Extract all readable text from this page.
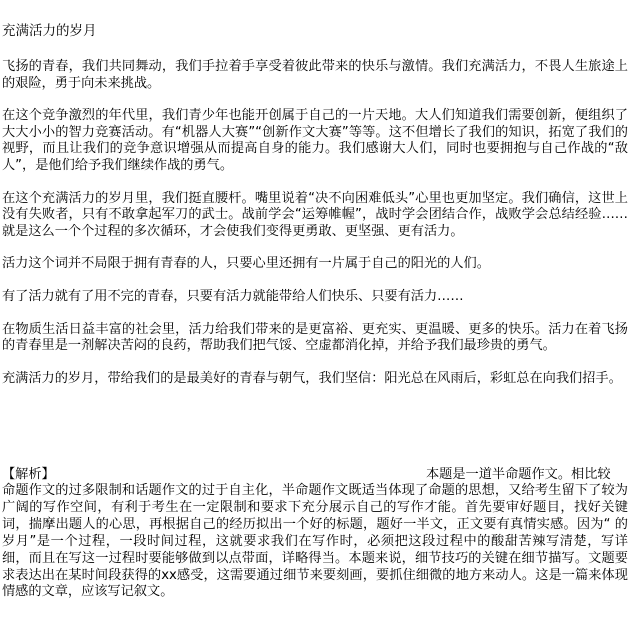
充满活力的岁月

飞扬的青春，我们共同舞动，我们手拉着手享受着彼此带来的快乐与激情。我们充满活力，不畏人生旅途上的艰险，勇于向未来挑战。

在这个竞争激烈的年代里，我们青少年也能开创属于自己的一片天地。大人们知道我们需要创新，便组织了大大小小的智力竞赛活动。有“机器人大赛”“创新作文大赛”等等。这不但增长了我们的知识，拓宽了我们的视野，而且让我们的竞争意识增强从而提高自身的能力。我们感谢大人们，同时也要拥抱与自己作战的“敌人”，是他们给予我们继续作战的勇气。

在这个充满活力的岁月里，我们挺直腰杆。嘴里说着“决不向困难低头”心里也更加坚定。我们确信，这世上没有失败者，只有不敢拿起军刀的武士。战前学会“运筹帷幄”，战时学会团结合作，战败学会总结经验……就是这么一个个过程的多次循环，才会使我们变得更勇敢、更坚强、更有活力。

活力这个词并不局限于拥有青春的人，只要心里还拥有一片属于自己的阳光的人们。

有了活力就有了用不完的青春，只要有活力就能带给人们快乐、只要有活力……

在物质生活日益丰富的社会里，活力给我们带来的是更富裕、更充实、更温暖、更多的快乐。活力在着飞扬的青春里是一剂解决苦闷的良药，帮助我们把气馁、空虚都消化掉，并给予我们最珍贵的勇气。

充满活力的岁月，带给我们的是最美好的青春与朝气，我们坚信：阳光总在风雨后，彩虹总在向我们招手。

【解析】	本题是一道半命题作文。相比较

命题作文的过多限制和话题作文的过于自主化，半命题作文既适当体现了命题的思想，又给考生留下了较为广阔的写作空间，有利于考生在一定限制和要求下充分展示自己的写作才能。首先要审好题目，找好关键词，揣摩出题人的心思，再根据自己的经历拟出一个好的标题，题好一半文，正文要有真情实感。因为“ 的岁月”是一个过程，一段时间过程，这就要求我们在写作时，必须把这段过程中的酸甜苦辣写清楚，写详细，而且在写这一过程时要能够做到以点带面，详略得当。本题来说，细节技巧的关键在细节描写。文题要求表达出在某时间段获得的xx感受，这需要通过细节来要刻画，要抓住细微的地方来动人。这是一篇来体现情感的文章，应该写记叙文。
